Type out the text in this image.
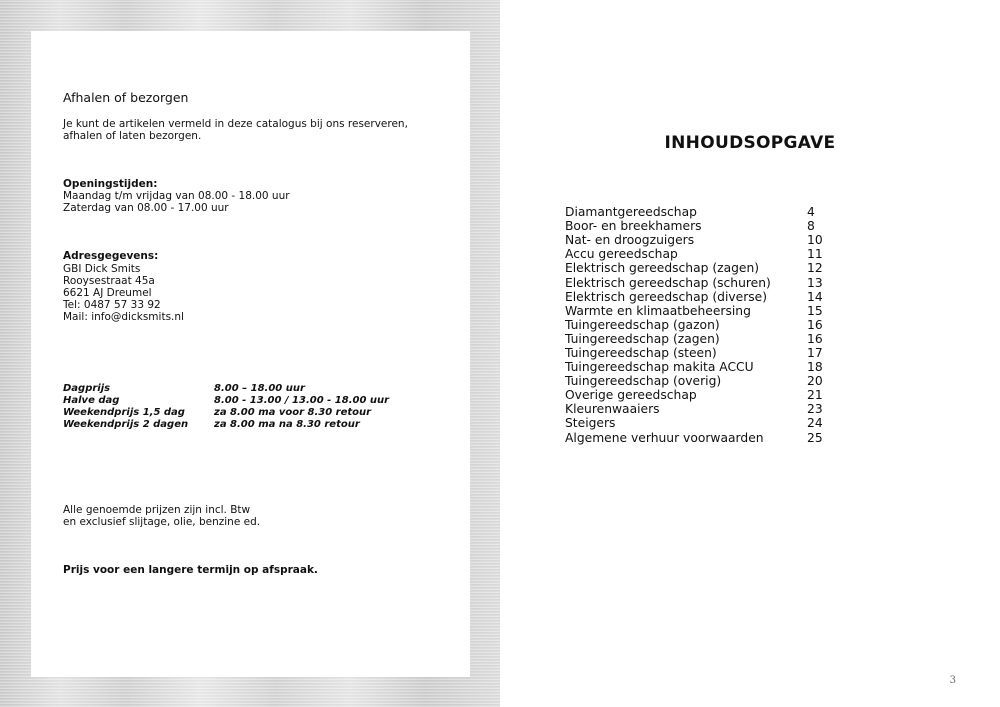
Afhalen of bezorgen
Je kunt de artikelen vermeld in deze catalogus bij ons reserveren,
afhalen of laten bezorgen.
Openingstijden:
Maandag t/m vrijdag van 08.00 - 18.00 uur
Zaterdag van 08.00 - 17.00 uur
Adresgegevens:
GBI Dick Smits
Rooysestraat 45a
6621 AJ Dreumel
Tel: 0487 57 33 92
Mail: info@dicksmits.nl
Dagprijs	8.00 – 18.00 uur
Halve dag	8.00 - 13.00 / 13.00 - 18.00 uur
Weekendprijs 1,5 dag	za 8.00 ma voor 8.30 retour
Weekendprijs 2 dagen	za 8.00 ma na 8.30 retour
Alle genoemde prijzen zijn incl. Btw
en exclusief slijtage, olie, benzine ed.
Prijs voor een langere termijn op afspraak.
INHOUDSOPGAVE
Diamantgereedschap	4
Boor- en breekhamers	8
Nat- en droogzuigers	10
Accu gereedschap	11
Elektrisch gereedschap (zagen)	12
Elektrisch gereedschap (schuren)	13
Elektrisch gereedschap (diverse)	14
Warmte en klimaatbeheersing	15
Tuingereedschap (gazon)	16
Tuingereedschap (zagen)	16
Tuingereedschap (steen)	17
Tuingereedschap makita ACCU	18
Tuingereedschap (overig)	20
Overige gereedschap	21
Kleurenwaaiers	23
Steigers	24
Algemene verhuur voorwaarden	25
3
